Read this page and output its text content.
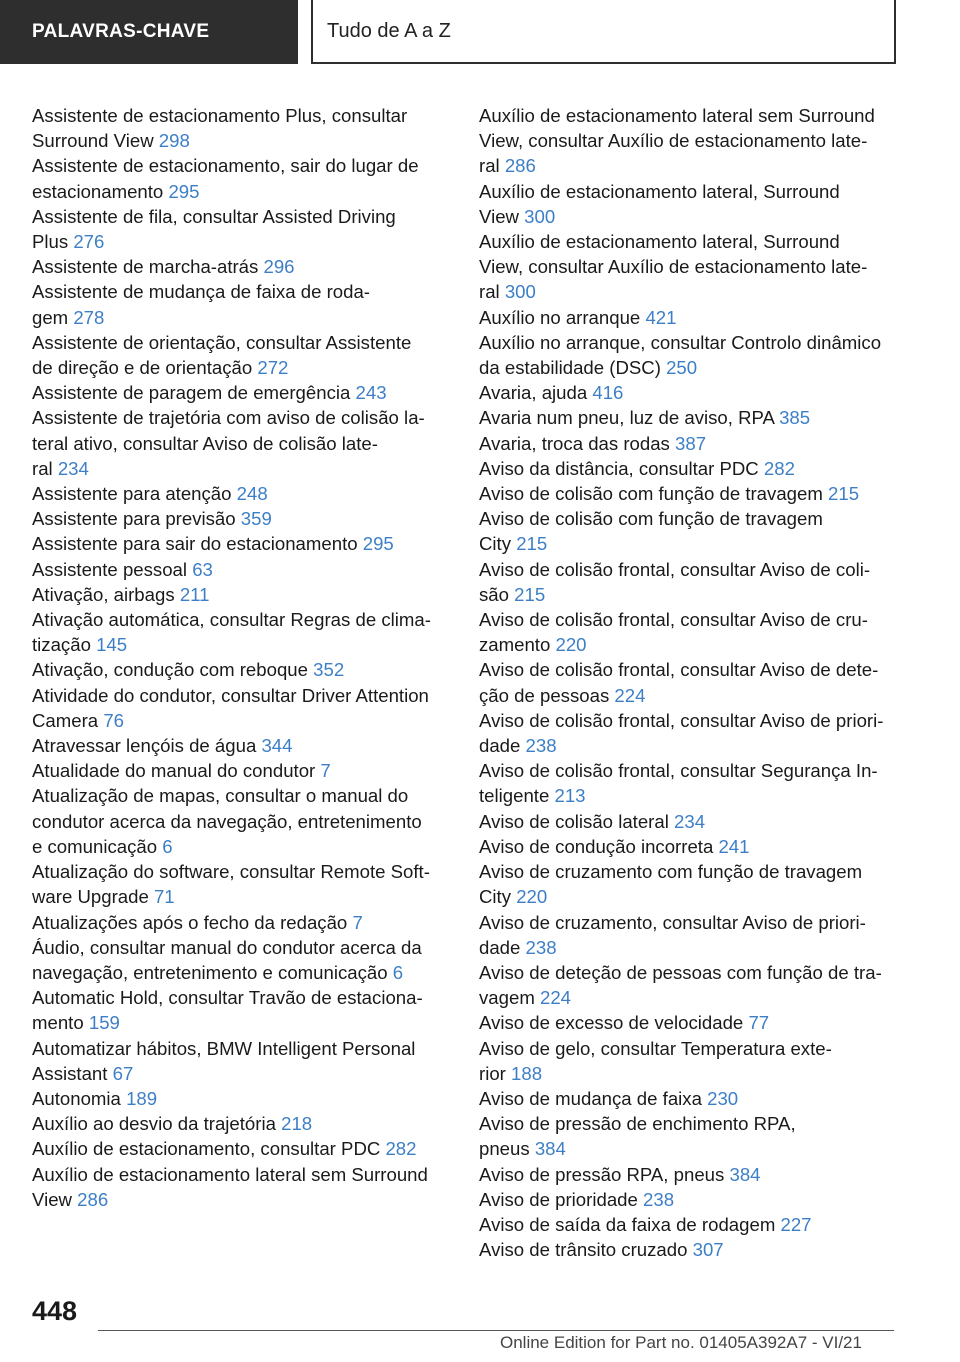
PALAVRAS-CHAVE	Tudo de A a Z
Assistente de estacionamento Plus, consultar
Surround View 298
Assistente de estacionamento, sair do lugar de
estacionamento 295
Assistente de fila, consultar Assisted Driving
Plus 276
Assistente de marcha-atrás 296
Assistente de mudança de faixa de roda-
gem 278
Assistente de orientação, consultar Assistente
de direção e de orientação 272
Assistente de paragem de emergência 243
Assistente de trajetória com aviso de colisão la-
teral ativo, consultar Aviso de colisão late-
ral 234
Assistente para atenção 248
Assistente para previsão 359
Assistente para sair do estacionamento 295
Assistente pessoal 63
Ativação, airbags 211
Ativação automática, consultar Regras de clima-
tização 145
Ativação, condução com reboque 352
Atividade do condutor, consultar Driver Attention
Camera 76
Atravessar lençóis de água 344
Atualidade do manual do condutor 7
Atualização de mapas, consultar o manual do
condutor acerca da navegação, entretenimento
e comunicação 6
Atualização do software, consultar Remote Soft-
ware Upgrade 71
Atualizações após o fecho da redação 7
Áudio, consultar manual do condutor acerca da
navegação, entretenimento e comunicação 6
Automatic Hold, consultar Travão de estaciona-
mento 159
Automatizar hábitos, BMW Intelligent Personal
Assistant 67
Autonomia 189
Auxílio ao desvio da trajetória 218
Auxílio de estacionamento, consultar PDC 282
Auxílio de estacionamento lateral sem Surround
View 286
Auxílio de estacionamento lateral sem Surround
View, consultar Auxílio de estacionamento late-
ral 286
Auxílio de estacionamento lateral, Surround
View 300
Auxílio de estacionamento lateral, Surround
View, consultar Auxílio de estacionamento late-
ral 300
Auxílio no arranque 421
Auxílio no arranque, consultar Controlo dinâmico
da estabilidade (DSC) 250
Avaria, ajuda 416
Avaria num pneu, luz de aviso, RPA 385
Avaria, troca das rodas 387
Aviso da distância, consultar PDC 282
Aviso de colisão com função de travagem 215
Aviso de colisão com função de travagem
City 215
Aviso de colisão frontal, consultar Aviso de coli-
são 215
Aviso de colisão frontal, consultar Aviso de cru-
zamento 220
Aviso de colisão frontal, consultar Aviso de dete-
ção de pessoas 224
Aviso de colisão frontal, consultar Aviso de priori-
dade 238
Aviso de colisão frontal, consultar Segurança In-
teligente 213
Aviso de colisão lateral 234
Aviso de condução incorreta 241
Aviso de cruzamento com função de travagem
City 220
Aviso de cruzamento, consultar Aviso de priori-
dade 238
Aviso de deteção de pessoas com função de tra-
vagem 224
Aviso de excesso de velocidade 77
Aviso de gelo, consultar Temperatura exte-
rior 188
Aviso de mudança de faixa 230
Aviso de pressão de enchimento RPA,
pneus 384
Aviso de pressão RPA, pneus 384
Aviso de prioridade 238
Aviso de saída da faixa de rodagem 227
Aviso de trânsito cruzado 307
448
Online Edition for Part no. 01405A392A7 - VI/21
